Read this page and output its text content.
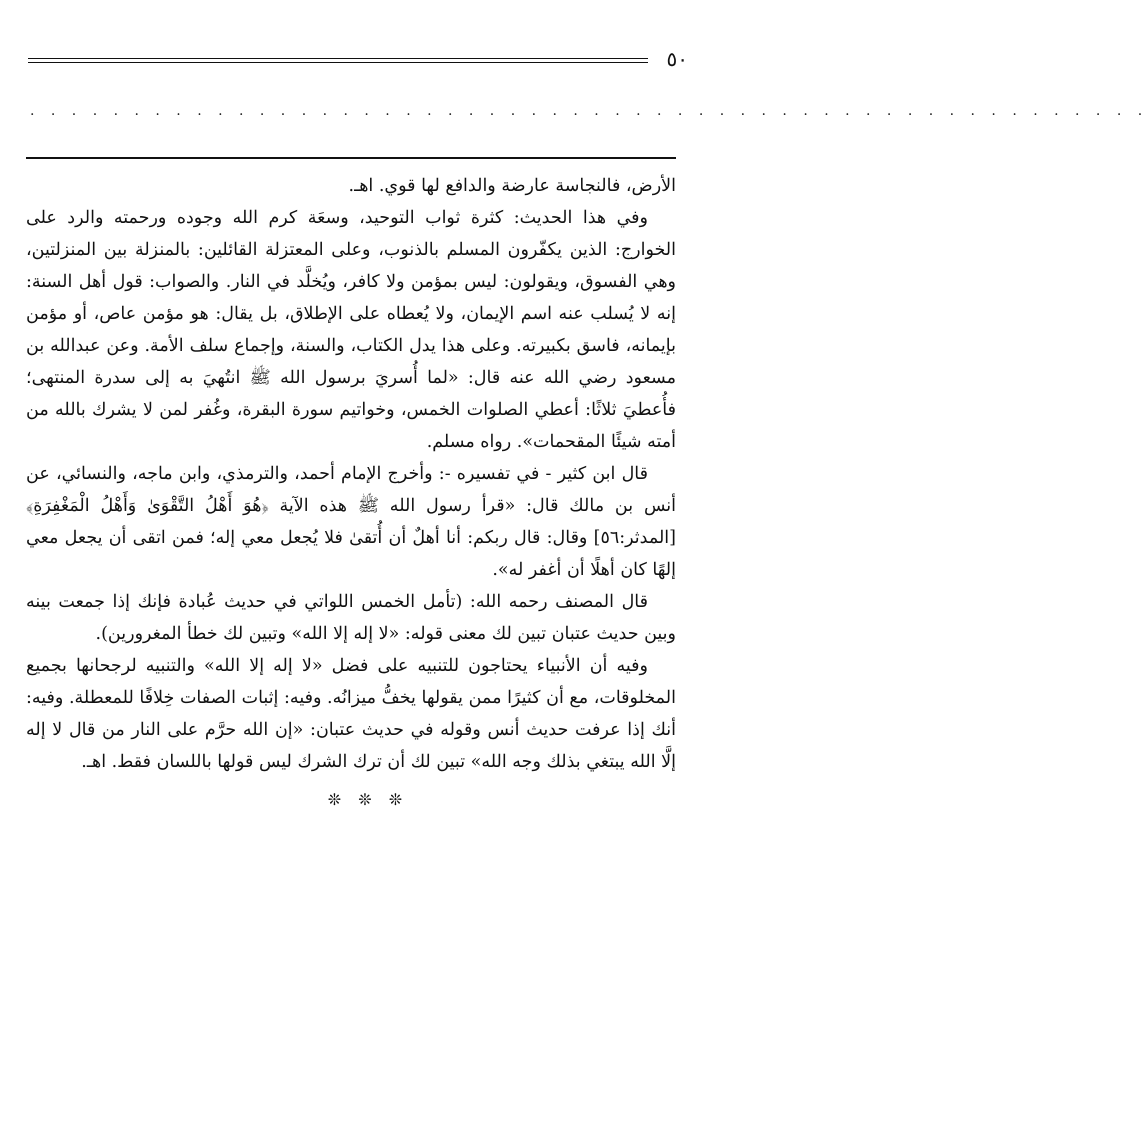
٥٠
. . . . . . . . . . . . . . . . . . . . . . . . . . . . . . . . . . . . . . . . . . . . . . . . . . . . . .

الأرض، فالنجاسة عارضة والدافع لها قوي. اهـ.

وفي هذا الحديث: كثرة ثواب التوحيد، وسعَة كرم الله وجوده ورحمته والرد على الخوارج: الذين يكفّرون المسلم بالذنوب، وعلى المعتزلة القائلين: بالمنزلة بين المنزلتين، وهي الفسوق، ويقولون: ليس بمؤمن ولا كافر، ويُخلَّد في النار. والصواب: قول أهل السنة: إنه لا يُسلب عنه اسم الإيمان، ولا يُعطاه على الإطلاق، بل يقال: هو مؤمن عاص، أو مؤمن بإيمانه، فاسق بكبيرته. وعلى هذا يدل الكتاب، والسنة، وإجماع سلف الأمة. وعن عبدالله بن مسعود رضي الله عنه قال: «لما أُسريَ برسول الله ﷺ انتُهيَ به إلى سدرة المنتهى؛ فأُعطيَ ثلاثًا: أعطي الصلوات الخمس، وخواتيم سورة البقرة، وغُفر لمن لا يشرك بالله من أمته شيئًا المقحمات». رواه مسلم.

قال ابن كثير - في تفسيره -: وأخرج الإمام أحمد، والترمذي، وابن ماجه، والنسائي، عن أنس بن مالك قال: «قرأ رسول الله ﷺ هذه الآية ﴿هُوَ أَهْلُ التَّقْوَىٰ وَأَهْلُ الْمَغْفِرَةِ﴾ [المدثر:٥٦] وقال: قال ربكم: أنا أهلٌ أن أُتقىٰ فلا يُجعل معي إله؛ فمن اتقى أن يجعل معي إلهًا كان أهلًا أن أغفر له».

قال المصنف رحمه الله: (تأمل الخمس اللواتي في حديث عُبادة فإنك إذا جمعت بينه وبين حديث عتبان تبين لك معنى قوله: «لا إله إلا الله» وتبين لك خطأ المغرورين).

وفيه أن الأنبياء يحتاجون للتنبيه على فضل «لا إله إلا الله» والتنبيه لرجحانها بجميع المخلوقات، مع أن كثيرًا ممن يقولها يخفُّ ميزانُه. وفيه: إثبات الصفات خِلافًا للمعطلة. وفيه: أنك إذا عرفت حديث أنس وقوله في حديث عتبان: «إن الله حرَّم على النار من قال لا إله إلَّا الله يبتغي بذلك وجه الله» تبين لك أن ترك الشرك ليس قولها باللسان فقط. اهـ.

❊ ❊ ❊
